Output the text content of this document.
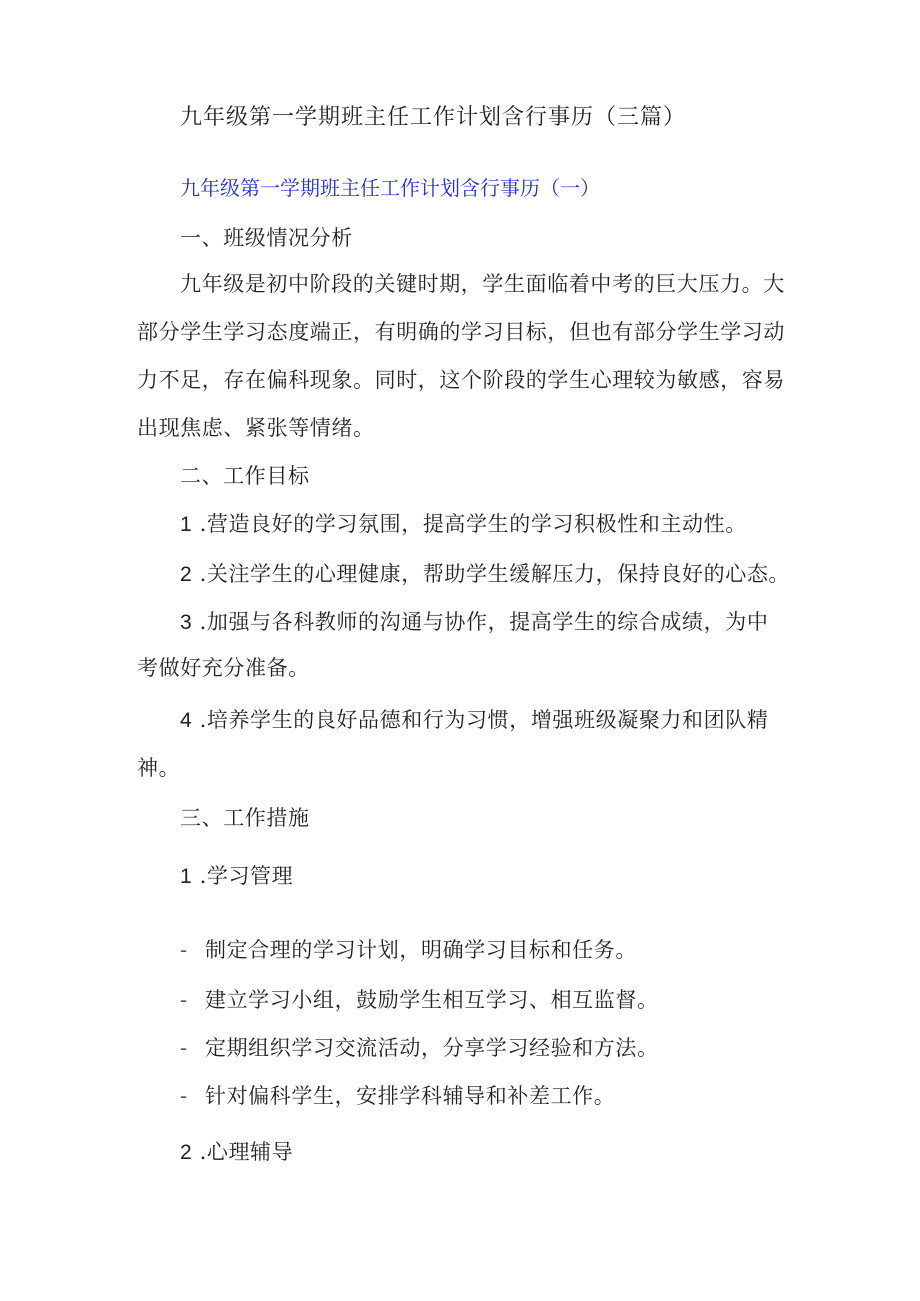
九年级第一学期班主任工作计划含行事历（三篇）
九年级第一学期班主任工作计划含行事历（一）
一、班级情况分析
九年级是初中阶段的关键时期，学生面临着中考的巨大压力。大
部分学生学习态度端正，有明确的学习目标，但也有部分学生学习动
力不足，存在偏科现象。同时，这个阶段的学生心理较为敏感，容易
出现焦虑、紧张等情绪。
二、工作目标
1 .营造良好的学习氛围，提高学生的学习积极性和主动性。
2 .关注学生的心理健康，帮助学生缓解压力，保持良好的心态。
3 .加强与各科教师的沟通与协作，提高学生的综合成绩，为中
考做好充分准备。
4 .培养学生的良好品德和行为习惯，增强班级凝聚力和团队精
神。
三、工作措施
1 .学习管理
- 制定合理的学习计划，明确学习目标和任务。
- 建立学习小组，鼓励学生相互学习、相互监督。
- 定期组织学习交流活动，分享学习经验和方法。
- 针对偏科学生，安排学科辅导和补差工作。
2 .心理辅导
